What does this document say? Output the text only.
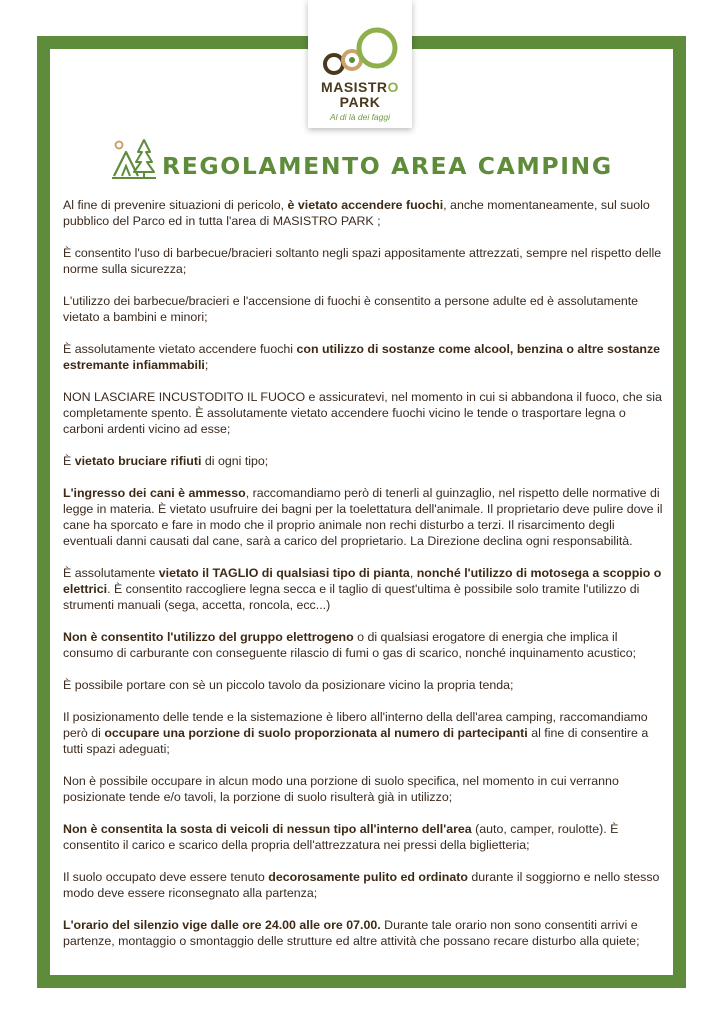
MASISTRO
PARK
Al di là dei faggi
REGOLAMENTO AREA CAMPING

Al fine di prevenire situazioni di pericolo, è vietato accendere fuochi, anche momentaneamente, sul suolo pubblico del Parco ed in tutta l'area di MASISTRO PARK ;

È consentito l'uso di barbecue/bracieri soltanto negli spazi appositamente attrezzati, sempre nel rispetto delle norme sulla sicurezza;

L'utilizzo dei barbecue/bracieri e l'accensione di fuochi è consentito a persone adulte ed è assolutamente vietato a bambini e minori;

È assolutamente vietato accendere fuochi con utilizzo di sostanze come alcool, benzina o altre sostanze estremante infiammabili;

NON LASCIARE INCUSTODITO IL FUOCO e assicuratevi, nel momento in cui si abbandona il fuoco, che sia completamente spento. È assolutamente vietato accendere fuochi vicino le tende o trasportare legna o carboni ardenti vicino ad esse;

È vietato bruciare rifiuti di ogni tipo;

L'ingresso dei cani è ammesso, raccomandiamo però di tenerli al guinzaglio, nel rispetto delle normative di legge in materia. È vietato usufruire dei bagni per la toelettatura dell'animale. Il proprietario deve pulire dove il cane ha sporcato e fare in modo che il proprio animale non rechi disturbo a terzi. Il risarcimento degli eventuali danni causati dal cane, sarà a carico del proprietario. La Direzione declina ogni responsabilità.

È assolutamente vietato il TAGLIO di qualsiasi tipo di pianta, nonché l'utilizzo di motosega a scoppio o elettrici. È consentito raccogliere legna secca e il taglio di quest'ultima è possibile solo tramite l'utilizzo di strumenti manuali (sega, accetta, roncola, ecc...)

Non è consentito l'utilizzo del gruppo elettrogeno o di qualsiasi erogatore di energia che implica il consumo di carburante con conseguente rilascio di fumi o gas di scarico, nonché inquinamento acustico;

È possibile portare con sè un piccolo tavolo da posizionare vicino la propria tenda;

Il posizionamento delle tende e la sistemazione è libero all'interno della dell'area camping, raccomandiamo però di occupare una porzione di suolo proporzionata al numero di partecipanti al fine di consentire a tutti spazi adeguati;

Non è possibile occupare in alcun modo una porzione di suolo specifica, nel momento in cui verranno posizionate tende e/o tavoli, la porzione di suolo risulterà già in utilizzo;

Non è consentita la sosta di veicoli di nessun tipo all'interno dell'area (auto, camper, roulotte). È consentito il carico e scarico della propria dell'attrezzatura nei pressi della biglietteria;

Il suolo occupato deve essere tenuto decorosamente pulito ed ordinato durante il soggiorno e nello stesso modo deve essere riconsegnato alla partenza;

L'orario del silenzio vige dalle ore 24.00 alle ore 07.00. Durante tale orario non sono consentiti arrivi e partenze, montaggio o smontaggio delle strutture ed altre attività che possano recare disturbo alla quiete;
